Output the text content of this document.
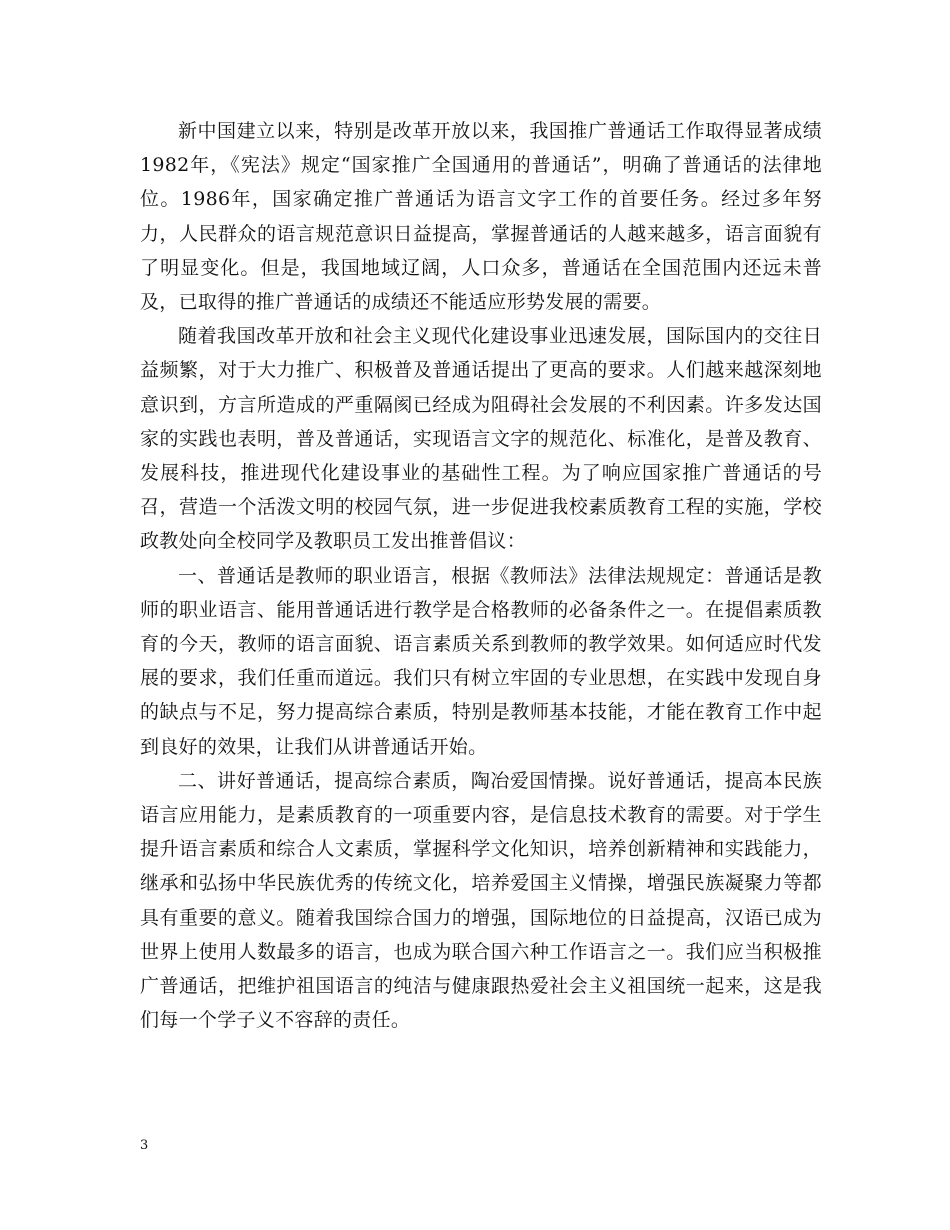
新中国建立以来，特别是改革开放以来，我国推广普通话工作取得显著成绩1982年，《宪法》规定“国家推广全国通用的普通话”，明确了普通话的法律地位。1986年，国家确定推广普通话为语言文字工作的首要任务。经过多年努力，人民群众的语言规范意识日益提高，掌握普通话的人越来越多，语言面貌有了明显变化。但是，我国地域辽阔，人口众多，普通话在全国范围内还远未普及，已取得的推广普通话的成绩还不能适应形势发展的需要。

随着我国改革开放和社会主义现代化建设事业迅速发展，国际国内的交往日益频繁，对于大力推广、积极普及普通话提出了更高的要求。人们越来越深刻地意识到，方言所造成的严重隔阂已经成为阻碍社会发展的不利因素。许多发达国家的实践也表明，普及普通话，实现语言文字的规范化、标准化，是普及教育、发展科技，推进现代化建设事业的基础性工程。为了响应国家推广普通话的号召，营造一个活泼文明的校园气氛，进一步促进我校素质教育工程的实施，学校政教处向全校同学及教职员工发出推普倡议：

一、普通话是教师的职业语言，根据《教师法》法律法规规定：普通话是教师的职业语言、能用普通话进行教学是合格教师的必备条件之一。在提倡素质教育的今天，教师的语言面貌、语言素质关系到教师的教学效果。如何适应时代发展的要求，我们任重而道远。我们只有树立牢固的专业思想，在实践中发现自身的缺点与不足，努力提高综合素质，特别是教师基本技能，才能在教育工作中起到良好的效果，让我们从讲普通话开始。

二、讲好普通话，提高综合素质，陶冶爱国情操。说好普通话，提高本民族语言应用能力，是素质教育的一项重要内容，是信息技术教育的需要。对于学生提升语言素质和综合人文素质，掌握科学文化知识，培养创新精神和实践能力，继承和弘扬中华民族优秀的传统文化，培养爱国主义情操，增强民族凝聚力等都具有重要的意义。随着我国综合国力的增强，国际地位的日益提高，汉语已成为世界上使用人数最多的语言，也成为联合国六种工作语言之一。我们应当积极推广普通话，把维护祖国语言的纯洁与健康跟热爱社会主义祖国统一起来，这是我们每一个学子义不容辞的责任。

3
